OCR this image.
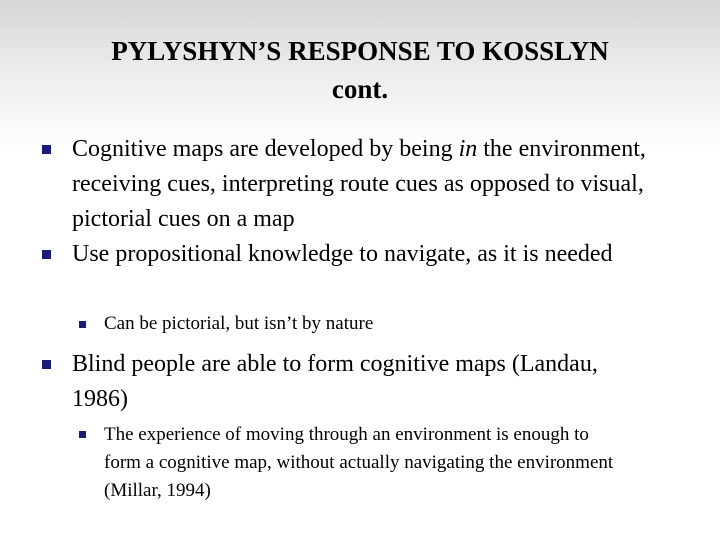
PYLYSHYN’S RESPONSE TO KOSSLYN
cont.
Cognitive maps are developed by being in the environment, receiving cues, interpreting route cues as opposed to visual, pictorial cues on a map
Use propositional knowledge to navigate, as it is needed
Can be pictorial, but isn’t by nature
Blind people are able to form cognitive maps (Landau, 1986)
The experience of moving through an environment is enough to form a cognitive map, without actually navigating the environment (Millar, 1994)
